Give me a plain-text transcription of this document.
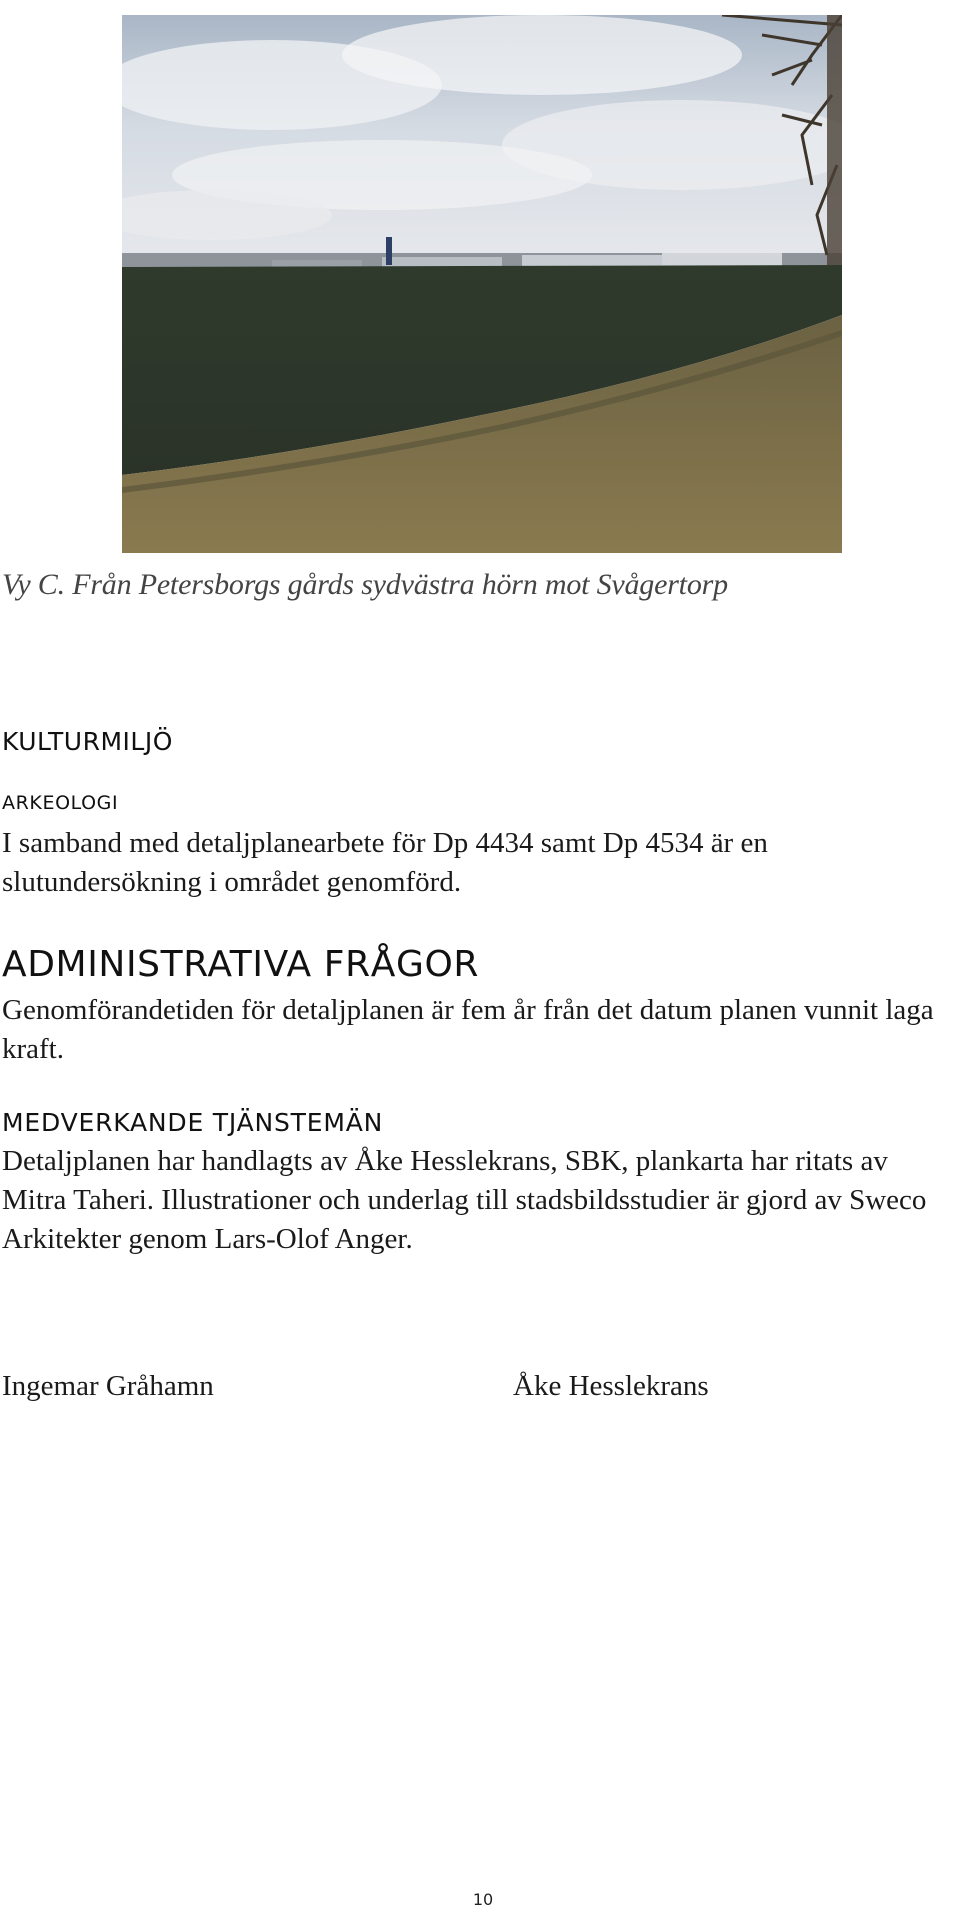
Vy C. Från Petersborgs gårds sydvästra hörn mot Svågertorp
KULTURMILJÖ
ARKEOLOGI
I samband med detaljplanearbete för Dp 4434 samt Dp 4534 är en slutundersökning i området genomförd.
ADMINISTRATIVA FRÅGOR
Genomförandetiden för detaljplanen är fem år från det datum planen vunnit laga kraft.
MEDVERKANDE TJÄNSTEMÄN
Detaljplanen har handlagts av Åke Hesslekrans, SBK, plankarta har ritats av Mitra Taheri. Illustrationer och underlag till stadsbildsstudier är gjord av Sweco Arkitekter genom Lars-Olof Anger.
Ingemar Gråhamn	Åke Hesslekrans
10
